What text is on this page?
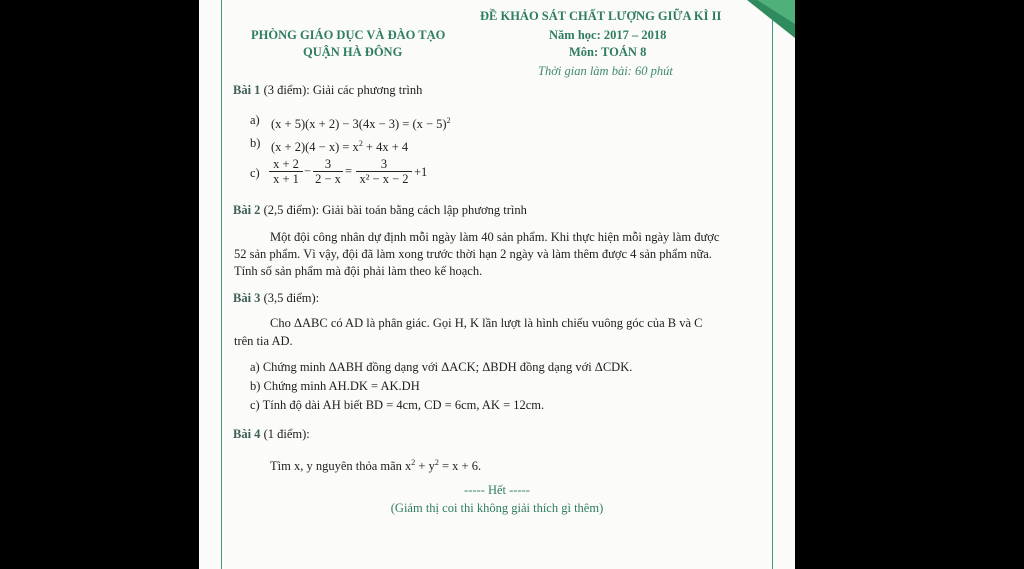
PHÒNG GIÁO DỤC VÀ ĐÀO TẠO
QUẬN HÀ ĐÔNG
ĐỀ KHẢO SÁT CHẤT LƯỢNG GIỮA KÌ II
Năm học: 2017 – 2018
Môn: TOÁN 8
Thời gian làm bài: 60 phút
Bài 1 (3 điểm): Giải các phương trình
a) $(x + 5)(x + 2) - 3(4x - 3) = (x - 5)^2$
b) $(x + 2)(4 - x) = x^2 + 4x + 4$
$c) \frac{x + 2}{x + 1} - \frac{3}{2 - x} = \frac{3}{\text{x² − x − 2}} +1$
Bài 2 (2,5 điểm): Giải bài toán bằng cách lập phương trình
Một đội công nhân dự định mỗi ngày làm 40 sản phẩm. Khi thực hiện mỗi ngày làm được
52 sản phẩm. Vì vậy, đội đã làm xong trước thời hạn 2 ngày và làm thêm được 4 sản phẩm nữa.
Tính số sản phẩm mà đội phải làm theo kế hoạch.
Bài 3 (3,5 điểm):
Cho ΔABC có AD là phân giác. Gọi H, K lần lượt là hình chiếu vuông góc của B và C
trên tia AD.
a) Chứng minh ΔABH đồng dạng với ΔACK; ΔBDH đồng dạng với ΔCDK.
b) Chứng minh AH.DK = AK.DH
c) Tính độ dài AH biết BD = 4cm, CD = 6cm, AK = 12cm.
Bài 4 (1 điểm):
Tìm x, y nguyên thỏa mãn $x^2 + y^2 = x + 6$.
----- Hết -----
(Giám thị coi thi không giải thích gì thêm)
